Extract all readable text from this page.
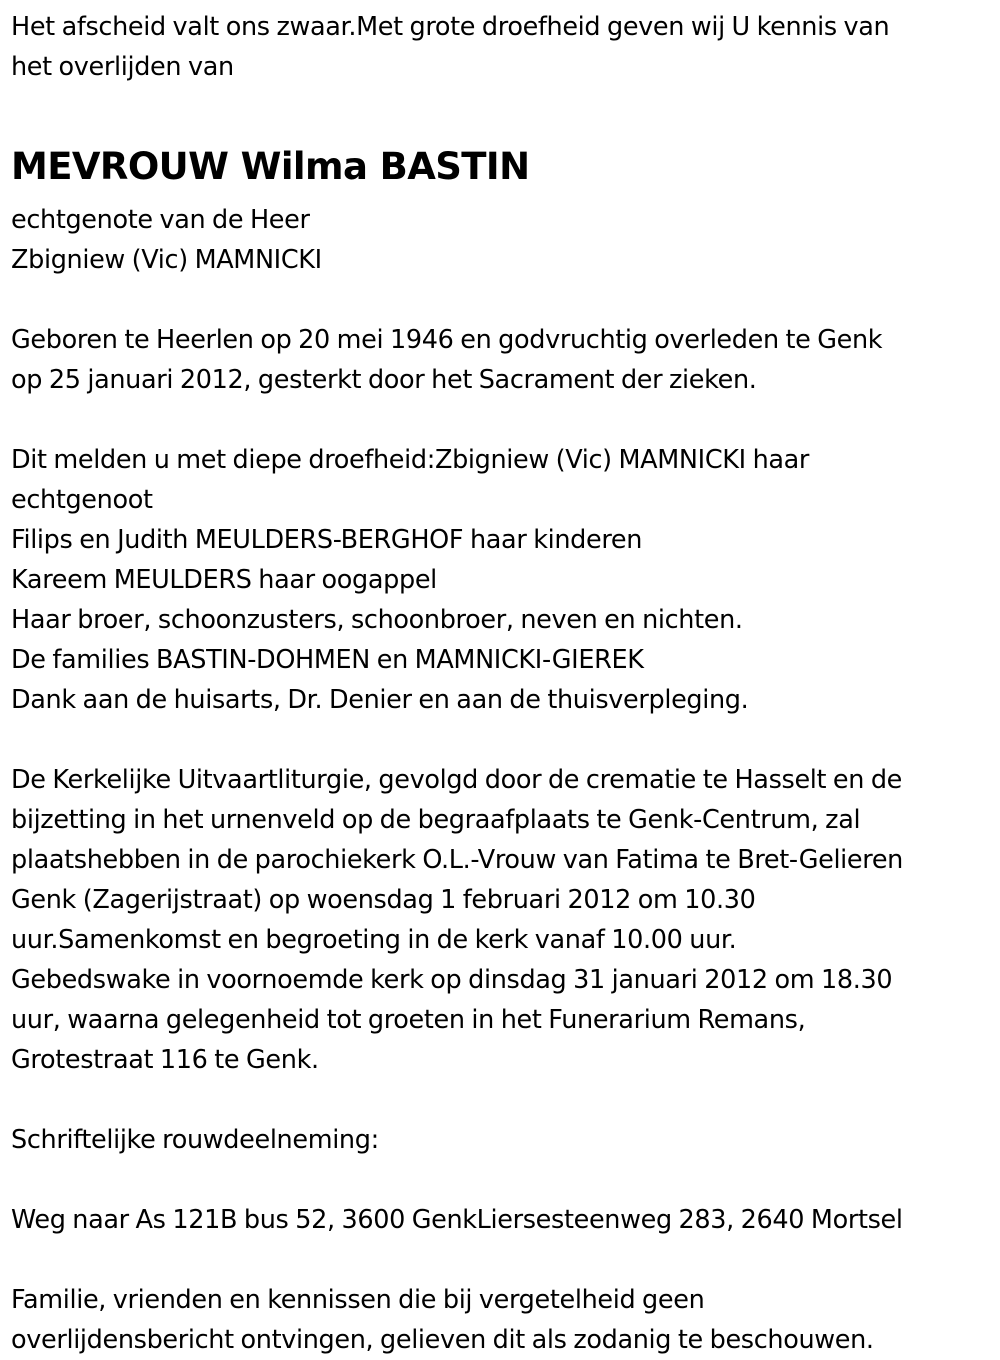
Het afscheid valt ons zwaar.Met grote droefheid geven wij U kennis van
het overlijden van
MEVROUW Wilma BASTIN
echtgenote van de Heer
Zbigniew (Vic) MAMNICKI
Geboren te Heerlen op 20 mei 1946 en godvruchtig overleden te Genk
op 25 januari 2012, gesterkt door het Sacrament der zieken.
Dit melden u met diepe droefheid:Zbigniew (Vic) MAMNICKI haar
echtgenoot
Filips en Judith MEULDERS-BERGHOF haar kinderen
Kareem MEULDERS haar oogappel
Haar broer, schoonzusters, schoonbroer, neven en nichten.
De families BASTIN-DOHMEN en MAMNICKI-GIEREK
Dank aan de huisarts, Dr. Denier en aan de thuisverpleging.
De Kerkelijke Uitvaartliturgie, gevolgd door de crematie te Hasselt en de
bijzetting in het urnenveld op de begraafplaats te Genk-Centrum, zal
plaatshebben in de parochiekerk O.L.-Vrouw van Fatima te Bret-Gelieren
Genk (Zagerijstraat) op woensdag 1 februari 2012 om 10.30
uur.Samenkomst en begroeting in de kerk vanaf 10.00 uur.
Gebedswake in voornoemde kerk op dinsdag 31 januari 2012 om 18.30
uur, waarna gelegenheid tot groeten in het Funerarium Remans,
Grotestraat 116 te Genk.
Schriftelijke rouwdeelneming:
Weg naar As 121B bus 52, 3600 GenkLiersesteenweg 283, 2640 Mortsel
Familie, vrienden en kennissen die bij vergetelheid geen
overlijdensbericht ontvingen, gelieven dit als zodanig te beschouwen.
